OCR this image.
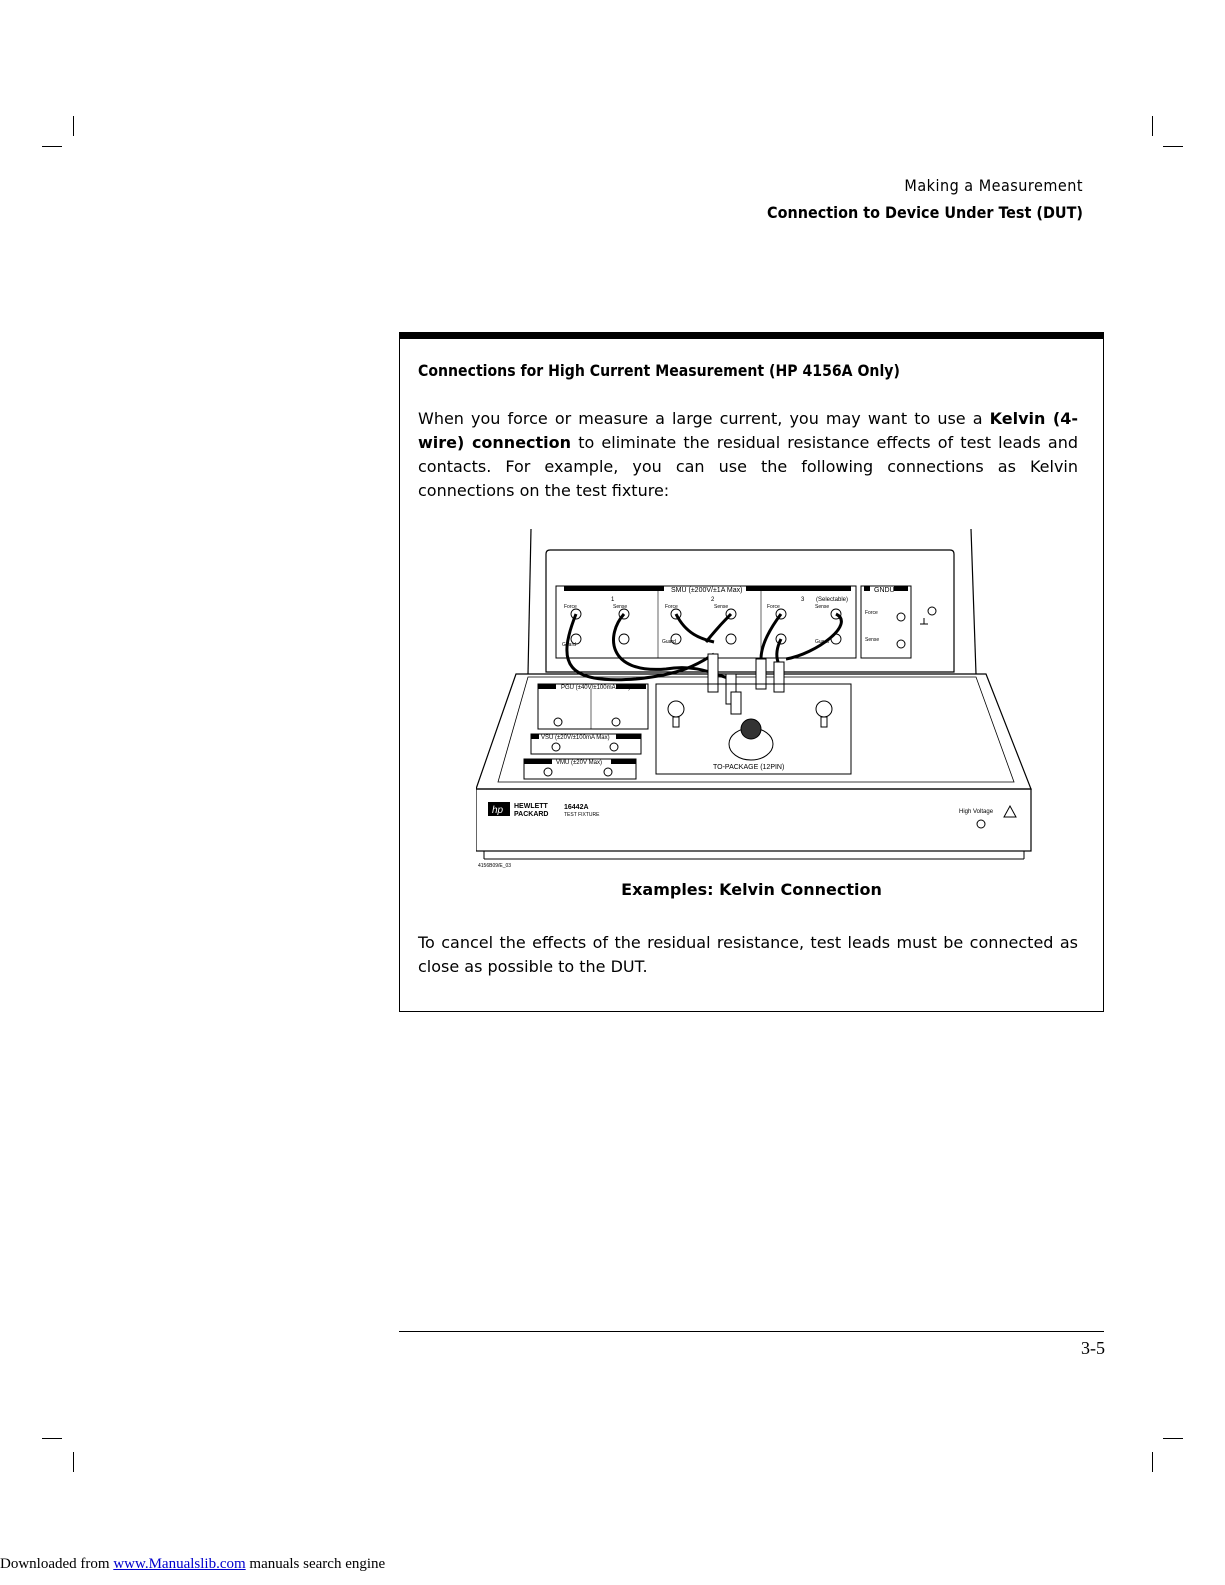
Making a Measurement
Connection to Device Under Test (DUT)
Connections for High Current Measurement (HP 4156A Only)
When you force or measure a large current, you may want to use a Kelvin (4-wire) connection to eliminate the residual resistance effects of test leads and contacts. For example, you can use the following connections as Kelvin connections on the test fixture:
SMU (±200V/±1A Max)
1	2	3 (Selectable)
GNDU
Force
Sense
Force	Sense
Guard
Force	Sense
Guard
Force	Sense
Guard
PGU (±40V/±100mA Max)
VSU (±20V/±100mA Max)
VMU (±20V Max)
TO-PACKAGE (12PIN)
hp HEWLETT
PACKARD
16442A
TEST FIXTURE	High Voltage
4156B09/E_03
Examples: Kelvin Connection
To cancel the effects of the residual resistance, test leads must be connected as close as possible to the DUT.
3-5
Downloaded from www.Manualslib.com manuals search engine
